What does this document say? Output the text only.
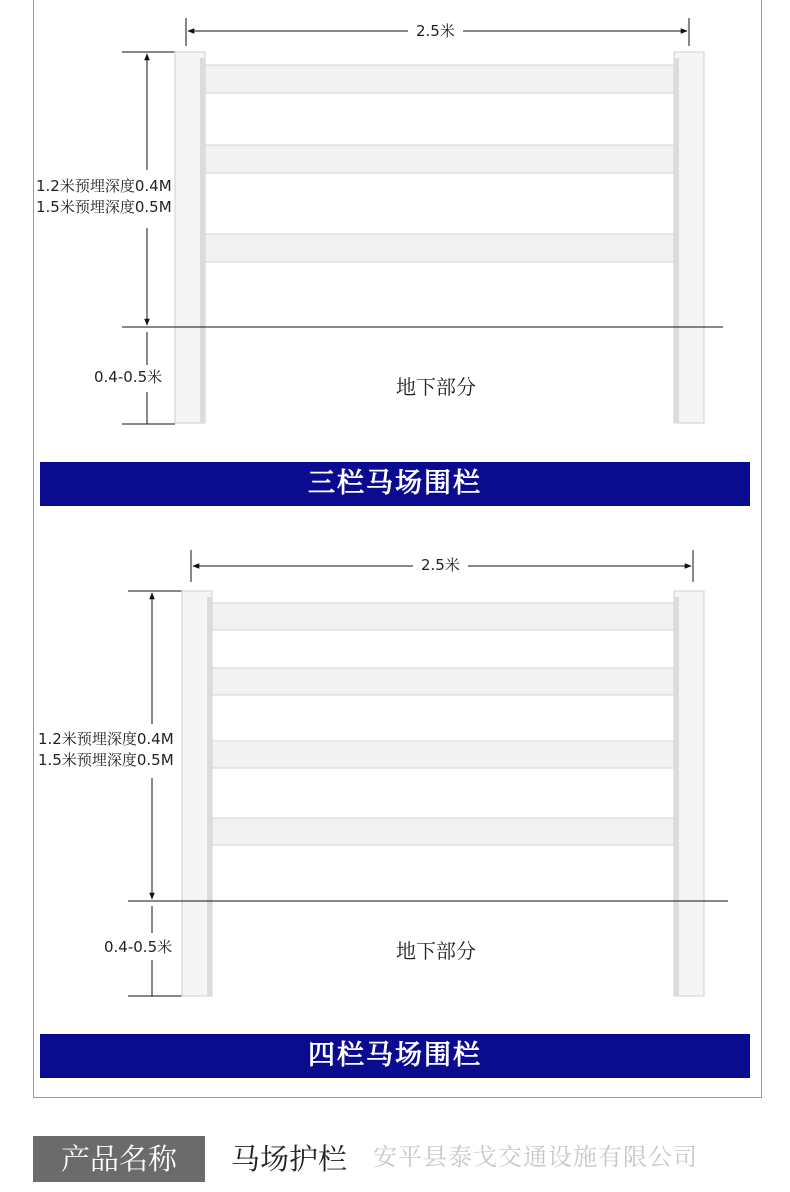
2.5米
1.2米预埋深度0.4M
1.5米预埋深度0.5M
0.4-0.5米	地下部分
三栏马场围栏
2.5米
1.2米预埋深度0.4M
1.5米预埋深度0.5M
0.4-0.5米	地下部分
四栏马场围栏
产品名称	马场护栏 安平县泰戈交通设施有限公司
